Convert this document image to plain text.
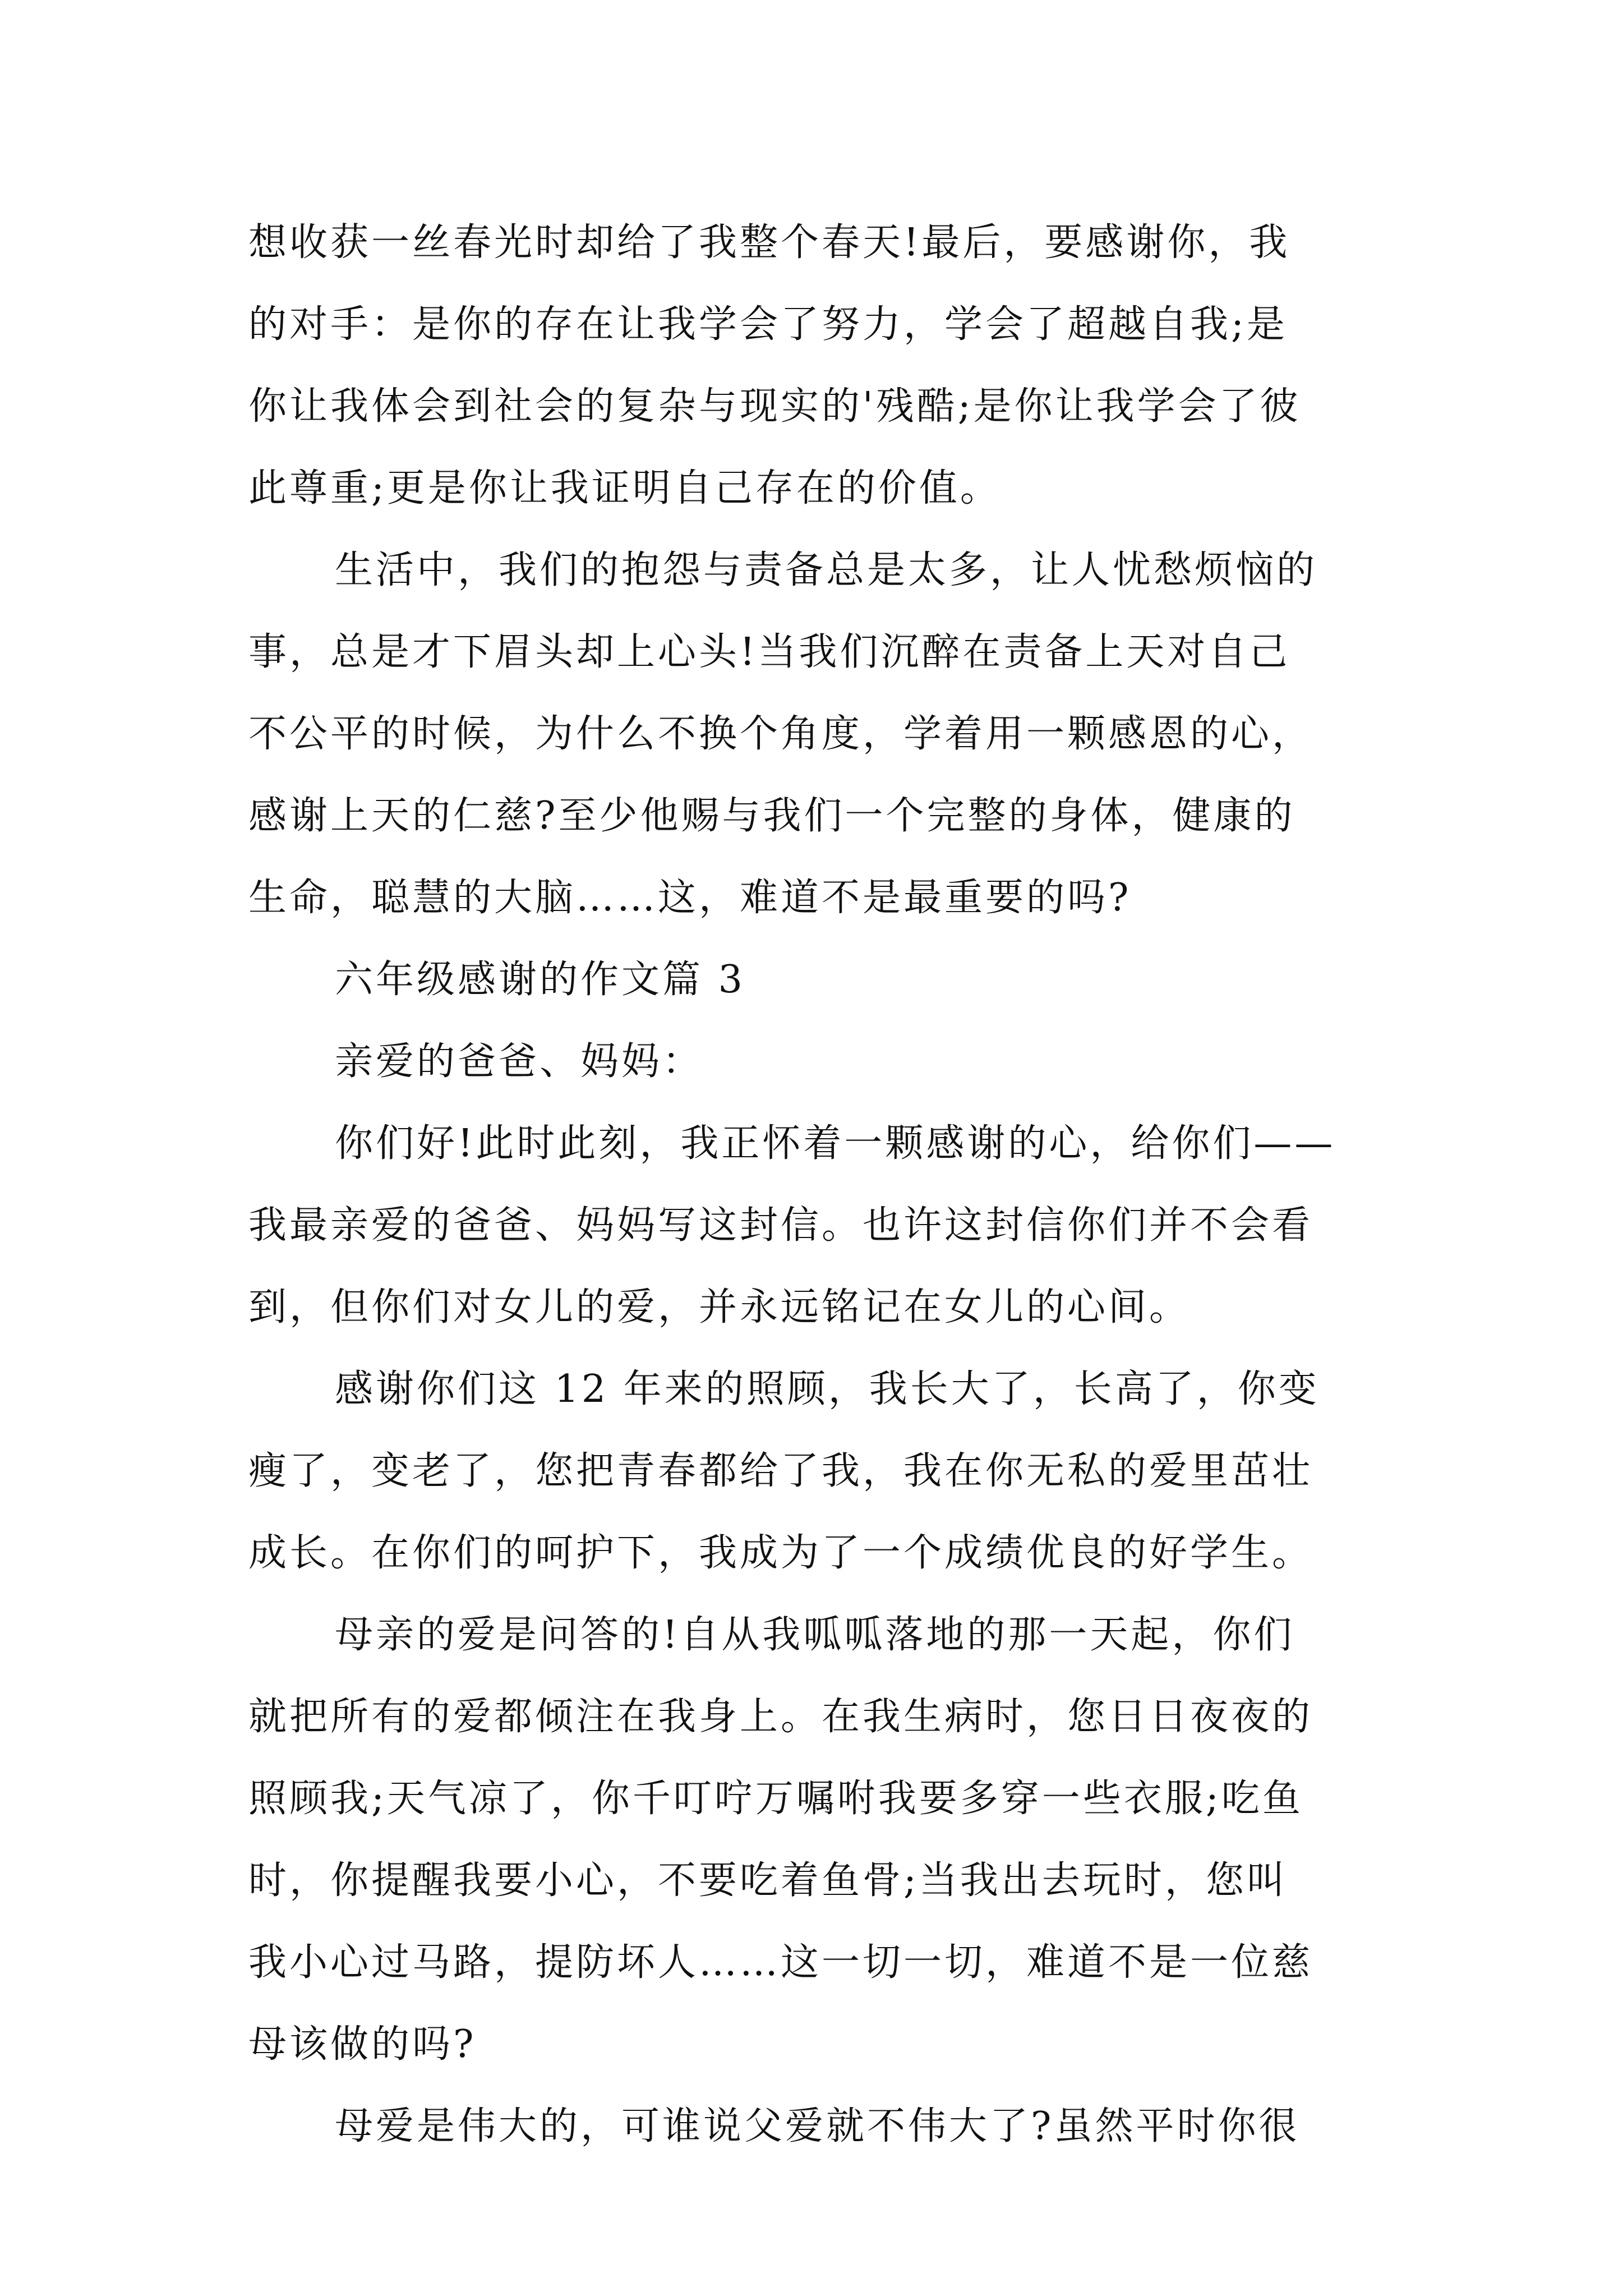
想收获一丝春光时却给了我整个春天!最后，要感谢你，我
的对手：是你的存在让我学会了努力，学会了超越自我;是
你让我体会到社会的复杂与现实的'残酷;是你让我学会了彼
此尊重;更是你让我证明自己存在的价值。
生活中，我们的抱怨与责备总是太多，让人忧愁烦恼的
事，总是才下眉头却上心头!当我们沉醉在责备上天对自己
不公平的时候，为什么不换个角度，学着用一颗感恩的心，
感谢上天的仁慈?至少他赐与我们一个完整的身体，健康的
生命，聪慧的大脑……这，难道不是最重要的吗?
六年级感谢的作文篇 3
亲爱的爸爸、妈妈：
你们好!此时此刻，我正怀着一颗感谢的心，给你们——
我最亲爱的爸爸、妈妈写这封信。也许这封信你们并不会看
到，但你们对女儿的爱，并永远铭记在女儿的心间。
感谢你们这 12 年来的照顾，我长大了，长高了，你变
瘦了，变老了，您把青春都给了我，我在你无私的爱里茁壮
成长。在你们的呵护下，我成为了一个成绩优良的好学生。
母亲的爱是问答的!自从我呱呱落地的那一天起，你们
就把所有的爱都倾注在我身上。在我生病时，您日日夜夜的
照顾我;天气凉了，你千叮咛万嘱咐我要多穿一些衣服;吃鱼
时，你提醒我要小心，不要吃着鱼骨;当我出去玩时，您叫
我小心过马路，提防坏人……这一切一切，难道不是一位慈
母该做的吗?
母爱是伟大的，可谁说父爱就不伟大了?虽然平时你很
